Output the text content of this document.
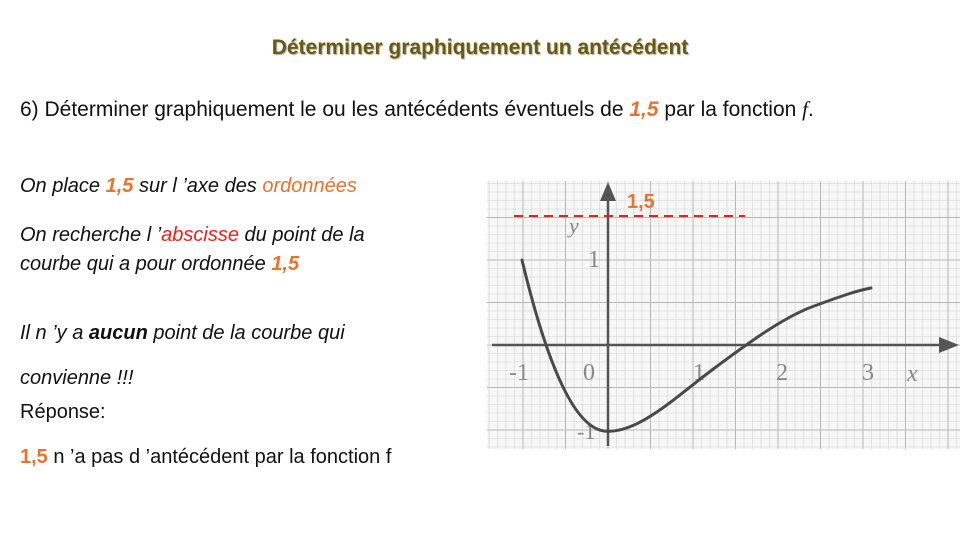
Déterminer graphiquement un antécédent
6) Déterminer graphiquement le ou les antécédents éventuels de 1,5 par la fonction f.
On place 1,5 sur l ’axe des ordonnées
On recherche l ’abscisse du point de la
courbe qui a pour ordonnée 1,5
Il n ’y a aucun point de la courbe qui
convienne !!!
Réponse:
1,5 n ’a pas d ’antécédent par la fonction f
y
x
-1 0	1	2	3
1
-1
1,5
